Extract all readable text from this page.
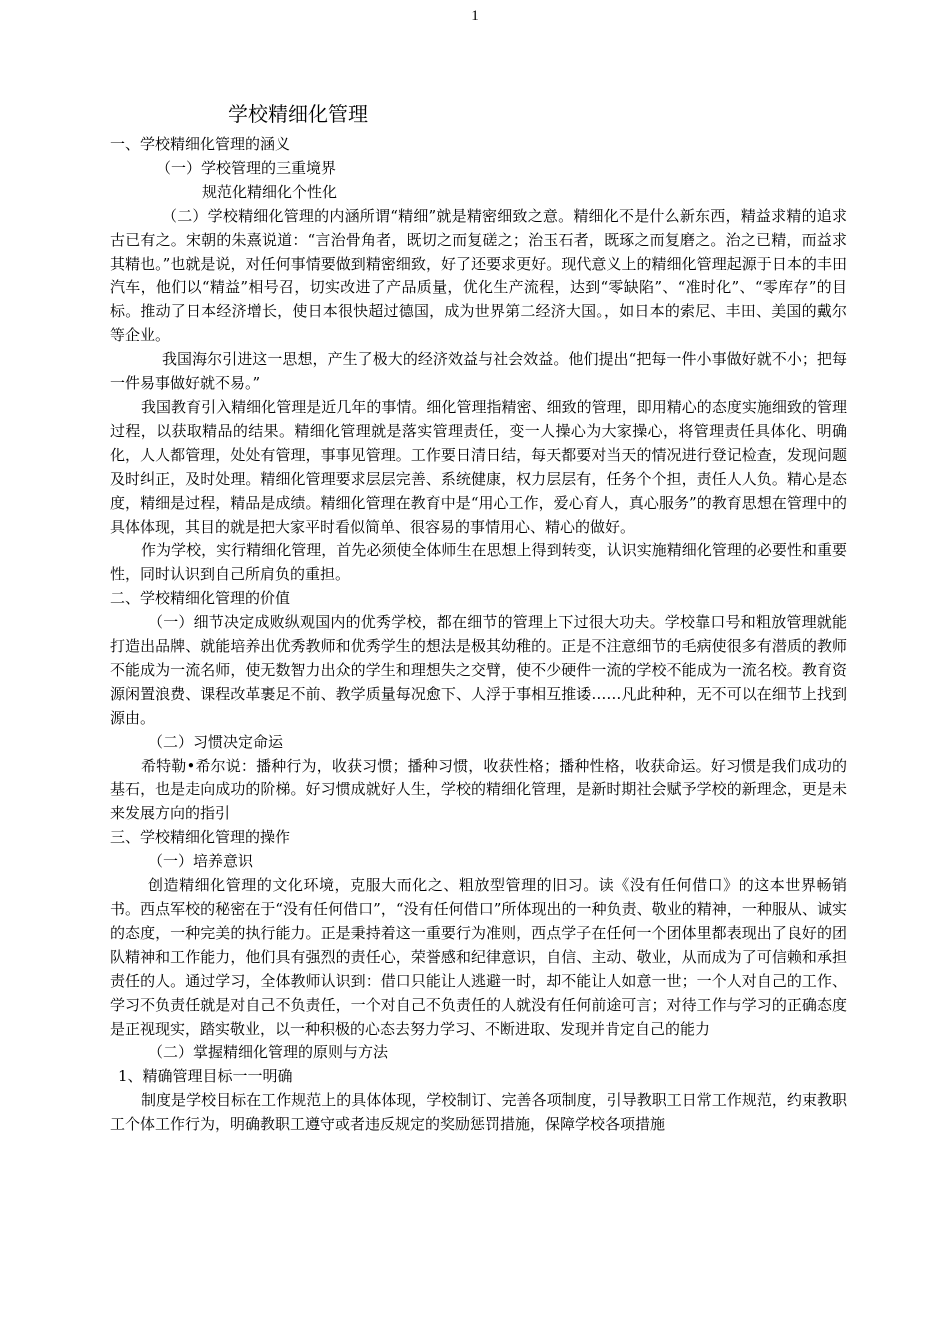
1
学校精细化管理

一、学校精细化管理的涵义

（一）学校管理的三重境界

规范化精细化个性化

（二）学校精细化管理的内涵所谓“精细”就是精密细致之意。精细化不是什么新东西，精益求精的追求古已有之。宋朝的朱熹说道：“言治骨角者，既切之而复磋之；治玉石者，既琢之而复磨之。治之已精，而益求其精也。”也就是说，对任何事情要做到精密细致，好了还要求更好。现代意义上的精细化管理起源于日本的丰田汽车，他们以“精益”相号召，切实改进了产品质量，优化生产流程，达到“零缺陷”、“准时化”、“零库存”的目标。推动了日本经济增长，使日本很快超过德国，成为世界第二经济大国。，如日本的索尼、丰田、美国的戴尔等企业。

我国海尔引进这一思想，产生了极大的经济效益与社会效益。他们提出“把每一件小事做好就不小；把每一件易事做好就不易。”

我国教育引入精细化管理是近几年的事情。细化管理指精密、细致的管理，即用精心的态度实施细致的管理过程，以获取精品的结果。精细化管理就是落实管理责任，变一人操心为大家操心，将管理责任具体化、明确化，人人都管理，处处有管理，事事见管理。工作要日清日结，每天都要对当天的情况进行登记检查，发现问题及时纠正，及时处理。精细化管理要求层层完善、系统健康，权力层层有，任务个个担，责任人人负。精心是态度，精细是过程，精品是成绩。精细化管理在教育中是“用心工作，爱心育人，真心服务”的教育思想在管理中的具体体现，其目的就是把大家平时看似简单、很容易的事情用心、精心的做好。

作为学校，实行精细化管理，首先必须使全体师生在思想上得到转变，认识实施精细化管理的必要性和重要性，同时认识到自己所肩负的重担。

二、学校精细化管理的价值

（一）细节决定成败纵观国内的优秀学校，都在细节的管理上下过很大功夫。学校靠口号和粗放管理就能打造出品牌、就能培养出优秀教师和优秀学生的想法是极其幼稚的。正是不注意细节的毛病使很多有潜质的教师不能成为一流名师，使无数智力出众的学生和理想失之交臂，使不少硬件一流的学校不能成为一流名校。教育资源闲置浪费、课程改革裹足不前、教学质量每况愈下、人浮于事相互推诿……凡此种种，无不可以在细节上找到源由。

（二）习惯决定命运

希特勒•希尔说：播种行为，收获习惯；播种习惯，收获性格；播种性格，收获命运。好习惯是我们成功的基石，也是走向成功的阶梯。好习惯成就好人生，学校的精细化管理，是新时期社会赋予学校的新理念，更是未来发展方向的指引

三、学校精细化管理的操作

（一）培养意识

创造精细化管理的文化环境，克服大而化之、粗放型管理的旧习。读《没有任何借口》的这本世界畅销书。西点军校的秘密在于“没有任何借口”，“没有任何借口”所体现出的一种负责、敬业的精神，一种服从、诚实的态度，一种完美的执行能力。正是秉持着这一重要行为准则，西点学子在任何一个团体里都表现出了良好的团队精神和工作能力，他们具有强烈的责任心，荣誉感和纪律意识，自信、主动、敬业，从而成为了可信赖和承担责任的人。通过学习，全体教师认识到：借口只能让人逃避一时，却不能让人如意一世；一个人对自己的工作、学习不负责任就是对自己不负责任，一个对自己不负责任的人就没有任何前途可言；对待工作与学习的正确态度是正视现实，踏实敬业，以一种积极的心态去努力学习、不断进取、发现并肯定自己的能力

（二）掌握精细化管理的原则与方法

1、精确管理目标一一明确

制度是学校目标在工作规范上的具体体现，学校制订、完善各项制度，引导教职工日常工作规范，约束教职工个体工作行为，明确教职工遵守或者违反规定的奖励惩罚措施，保障学校各项措施
